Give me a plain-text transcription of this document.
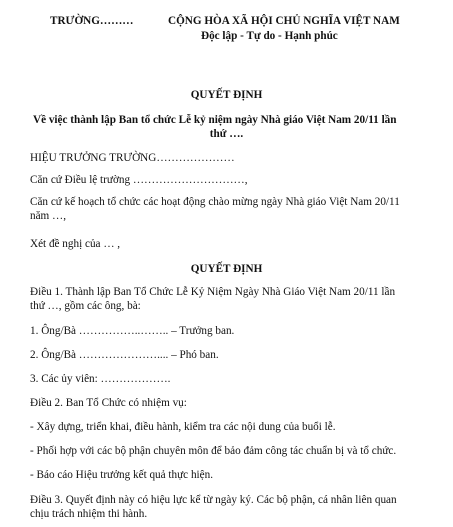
TRƯỜNG………	CỘNG HÒA XÃ HỘI CHỦ NGHĨA VIỆT NAM
Độc lập - Tự do - Hạnh phúc
QUYẾT ĐỊNH
Về việc thành lập Ban tổ chức Lễ kỷ niệm ngày Nhà giáo Việt Nam 20/11 lần
thứ ….
HIỆU TRƯỞNG TRƯỜNG…………………
Căn cứ Điều lệ trường …………………………,
Căn cứ kế hoạch tổ chức các hoạt động chào mừng ngày Nhà giáo Việt Nam 20/11
năm …,
Xét đề nghị của … ,
QUYẾT ĐỊNH
Điều 1. Thành lập Ban Tổ Chức Lễ Kỷ Niệm Ngày Nhà Giáo Việt Nam 20/11 lần
thứ …, gồm các ông, bà:
1. Ông/Bà ……………..…….. – Trưởng ban.
2. Ông/Bà ………………….... – Phó ban.
3. Các ủy viên: ……………….
Điều 2. Ban Tổ Chức có nhiệm vụ:
- Xây dựng, triển khai, điều hành, kiểm tra các nội dung của buổi lễ.
- Phối hợp với các bộ phận chuyên môn để bảo đảm công tác chuẩn bị và tổ chức.
- Báo cáo Hiệu trưởng kết quả thực hiện.
Điều 3. Quyết định này có hiệu lực kể từ ngày ký. Các bộ phận, cá nhân liên quan
chịu trách nhiệm thi hành.
